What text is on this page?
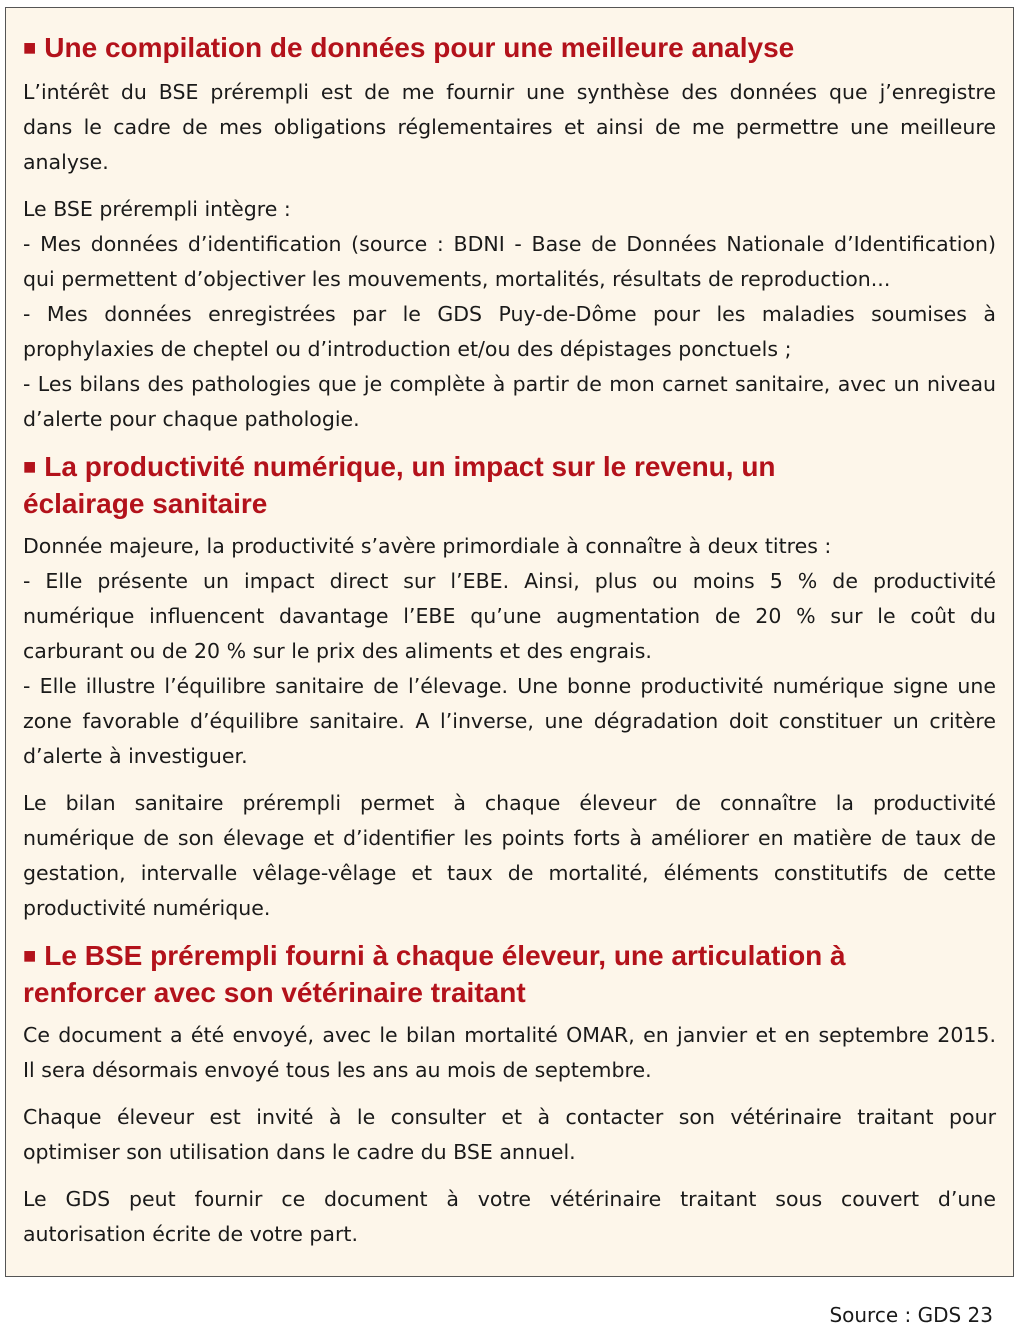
■ Une compilation de données pour une meilleure analyse
L’intérêt du BSE prérempli est de me fournir une synthèse des données que j’enregistre
dans le cadre de mes obligations réglementaires et ainsi de me permettre une meilleure
analyse.
Le BSE prérempli intègre :
- Mes données d’identification (source : BDNI - Base de Données Nationale d’Identification)
qui permettent d’objectiver les mouvements, mortalités, résultats de reproduction...
- Mes données enregistrées par le GDS Puy-de-Dôme pour les maladies soumises à
prophylaxies de cheptel ou d’introduction et/ou des dépistages ponctuels ;
- Les bilans des pathologies que je complète à partir de mon carnet sanitaire, avec un niveau
d’alerte pour chaque pathologie.
■ La productivité numérique, un impact sur le revenu, un
éclairage sanitaire
Donnée majeure, la productivité s’avère primordiale à connaître à deux titres :
- Elle présente un impact direct sur l’EBE. Ainsi, plus ou moins 5 % de productivité
numérique influencent davantage l’EBE qu’une augmentation de 20 % sur le coût du
carburant ou de 20 % sur le prix des aliments et des engrais.
- Elle illustre l’équilibre sanitaire de l’élevage. Une bonne productivité numérique signe une
zone favorable d’équilibre sanitaire. A l’inverse, une dégradation doit constituer un critère
d’alerte à investiguer.
Le bilan sanitaire prérempli permet à chaque éleveur de connaître la productivité
numérique de son élevage et d’identifier les points forts à améliorer en matière de taux de
gestation, intervalle vêlage-vêlage et taux de mortalité, éléments constitutifs de cette
productivité numérique.
■ Le BSE prérempli fourni à chaque éleveur, une articulation à
renforcer avec son vétérinaire traitant
Ce document a été envoyé, avec le bilan mortalité OMAR, en janvier et en septembre 2015.
Il sera désormais envoyé tous les ans au mois de septembre.
Chaque éleveur est invité à le consulter et à contacter son vétérinaire traitant pour
optimiser son utilisation dans le cadre du BSE annuel.
Le GDS peut fournir ce document à votre vétérinaire traitant sous couvert d’une
autorisation écrite de votre part.
Source : GDS 23
